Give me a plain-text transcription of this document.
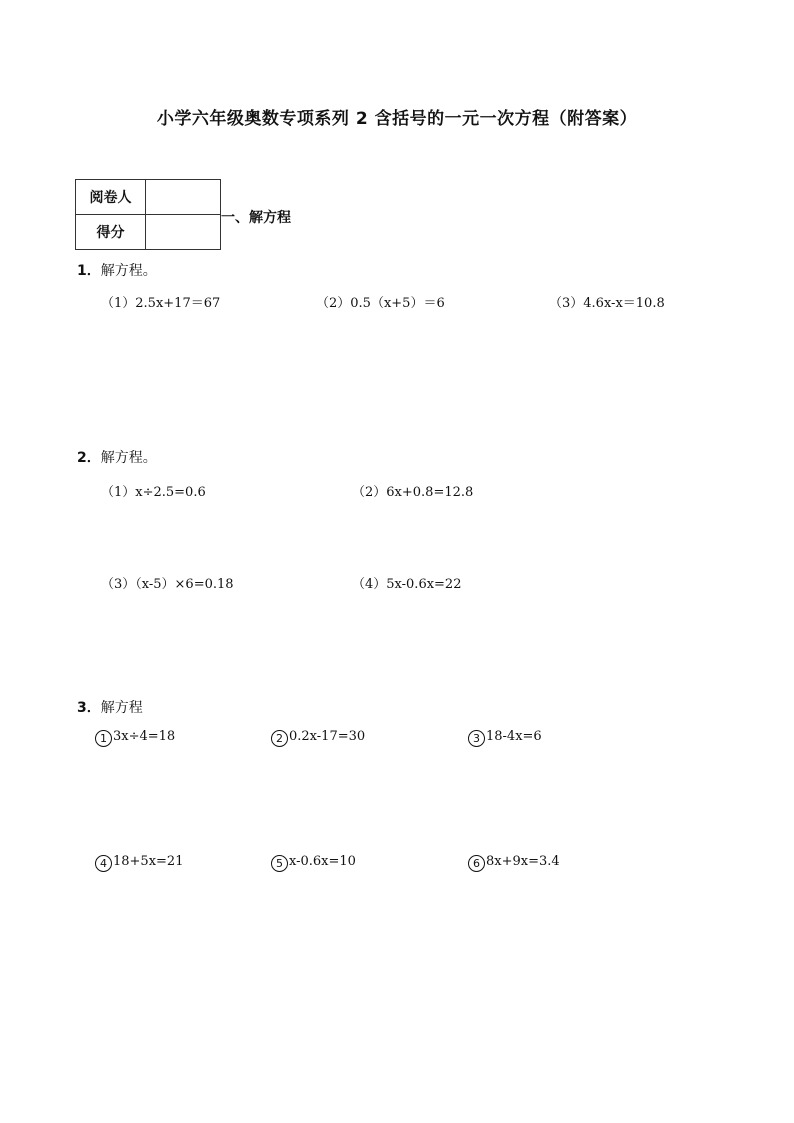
小学六年级奥数专项系列 2 含括号的一元一次方程（附答案）
阅卷人	
得分	
一、解方程
1．解方程。
（1）2.5x+17＝67	（2）0.5（x+5）＝6	（3）4.6x-x＝10.8
2．解方程。
（1）x÷2.5=0.6	（2）6x+0.8=12.8
（3）（x-5）×6=0.18	（4）5x-0.6x=22
3．解方程
1 3x÷4=18	2 0.2x-17=30	3 18-4x=6
4 18+5x=21	5 x-0.6x=10	6 8x+9x=3.4
